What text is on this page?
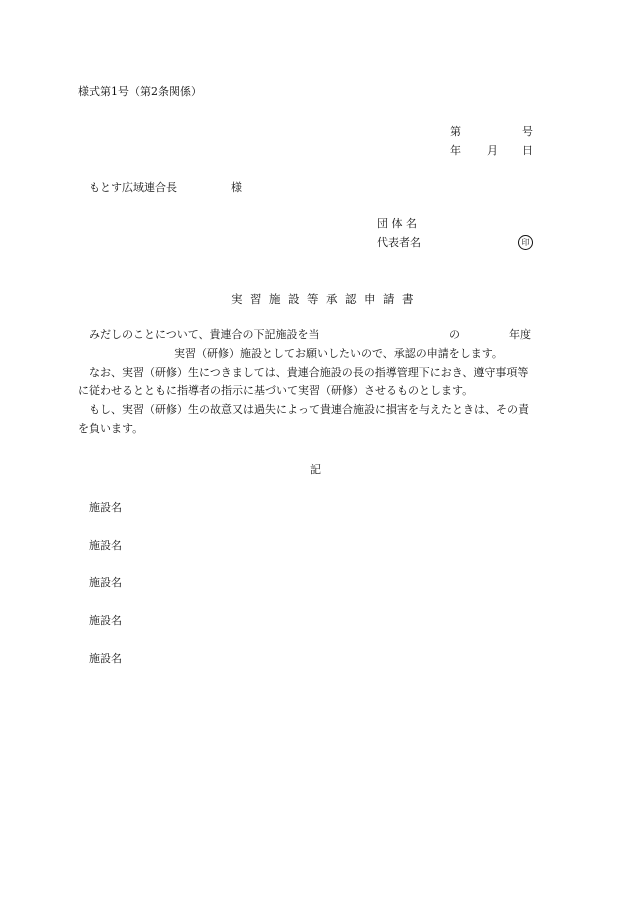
様式第1号（第2条関係）
第	号
年 月 日
もとす広域連合長	様
団 体 名
代表者名	印
実習施設等承認申請書
みだしのことについて、貴連合の下記施設を当	の	年度
実習（研修）施設としてお願いしたいので、承認の申請をします。
なお、実習（研修）生につきましては、貴連合施設の長の指導管理下におき、遵守事項等
に従わせるとともに指導者の指示に基づいて実習（研修）させるものとします。
もし、実習（研修）生の故意又は過失によって貴連合施設に損害を与えたときは、その責
を負います。
記
施設名
施設名
施設名
施設名
施設名
